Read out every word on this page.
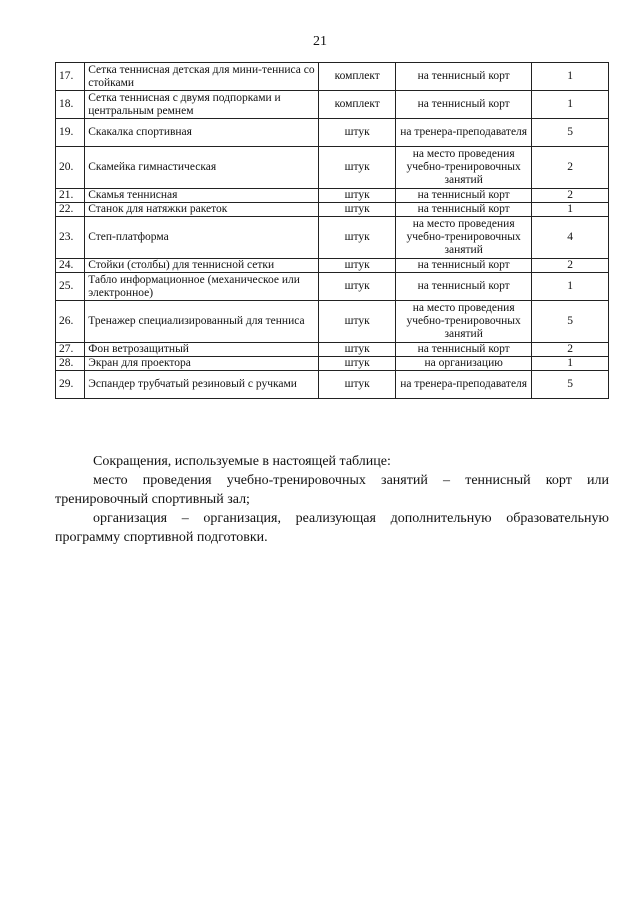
21
17.	Сетка теннисная детская для мини-тенниса со стойками	комплект	на теннисный корт	1
18.	Сетка теннисная с двумя подпорками и центральным ремнем	комплект	на теннисный корт	1
19.	Скакалка спортивная	штук	на тренера-преподавателя	5
20.	Скамейка гимнастическая	штук	на место проведения учебно-тренировочных занятий	2
21.	Скамья теннисная	штук	на теннисный корт	2
22.	Станок для натяжки ракеток	штук	на теннисный корт	1
23.	Степ-платформа	штук	на место проведения учебно-тренировочных занятий	4
24.	Стойки (столбы) для теннисной сетки	штук	на теннисный корт	2
25.	Табло информационное (механическое или электронное)	штук	на теннисный корт	1
26.	Тренажер специализированный для тенниса	штук	на место проведения учебно-тренировочных занятий	5
27.	Фон ветрозащитный	штук	на теннисный корт	2
28.	Экран для проектора	штук	на организацию	1
29.	Эспандер трубчатый резиновый с ручками	штук	на тренера-преподавателя	5

Сокращения, используемые в настоящей таблице:

место проведения учебно-тренировочных занятий – теннисный корт или тренировочный спортивный зал;

организация – организация, реализующая дополнительную образовательную программу спортивной подготовки.
